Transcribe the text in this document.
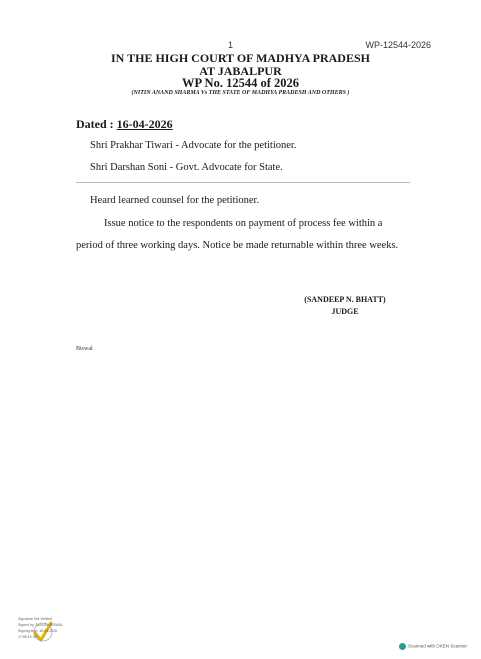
1	WP-12544-2026
IN THE HIGH COURT OF MADHYA PRADESH
AT JABALPUR
WP No. 12544 of 2026
(NITIN ANAND SHARMA Vs THE STATE OF MADHYA PRADESH AND OTHERS )
Dated : 16-04-2026
Shri Prakhar Tiwari - Advocate for the petitioner.
Shri Darshan Soni - Govt. Advocate for State.
Heard learned counsel for the petitioner.
Issue notice to the respondents on payment of process fee within a
period of three working days. Notice be made returnable within three weeks.
(SANDEEP N. BHATT)
JUDGE
Biswal
Signature Not Verified
Signed by: SANJAY BISWAL
Signing time: 16-04-2026
17:58:15 IST
Scanned with OKEN Scanner
